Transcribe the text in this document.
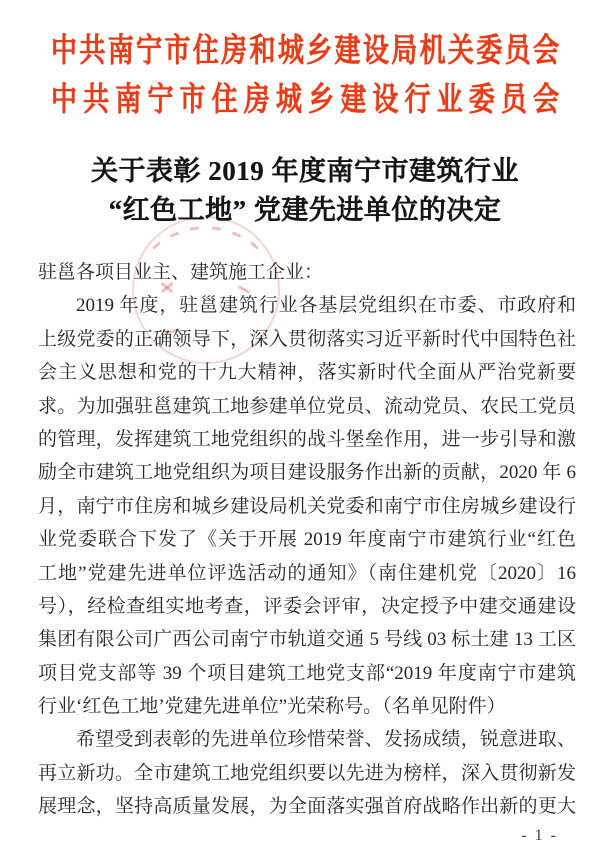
中共南宁市住房和城乡建设局机关委员会
中共南宁市住房城乡建设行业委员会
关于表彰 2019 年度南宁市建筑行业
“红色工地” 党建先进单位的决定
驻邕各项目业主、建筑施工企业：
2019 年度，驻邕建筑行业各基层党组织在市委、市政府和
上级党委的正确领导下，深入贯彻落实习近平新时代中国特色社
会主义思想和党的十九大精神，落实新时代全面从严治党新要
求。为加强驻邕建筑工地参建单位党员、流动党员、农民工党员
的管理，发挥建筑工地党组织的战斗堡垒作用，进一步引导和激
励全市建筑工地党组织为项目建设服务作出新的贡献，2020 年 6
月，南宁市住房和城乡建设局机关党委和南宁市住房城乡建设行
业党委联合下发了《关于开展 2019 年度南宁市建筑行业“红色
工地”党建先进单位评选活动的通知》（南住建机党〔2020〕16
号），经检查组实地考查，评委会评审，决定授予中建交通建设
集团有限公司广西公司南宁市轨道交通 5 号线 03 标土建 13 工区
项目党支部等 39 个项目建筑工地党支部“2019 年度南宁市建筑
行业‘红色工地’党建先进单位”光荣称号。（名单见附件）
希望受到表彰的先进单位珍惜荣誉、发扬成绩，锐意进取、
再立新功。全市建筑工地党组织要以先进为榜样，深入贯彻新发
展理念，坚持高质量发展，为全面落实强首府战略作出新的更大
- 1 -
